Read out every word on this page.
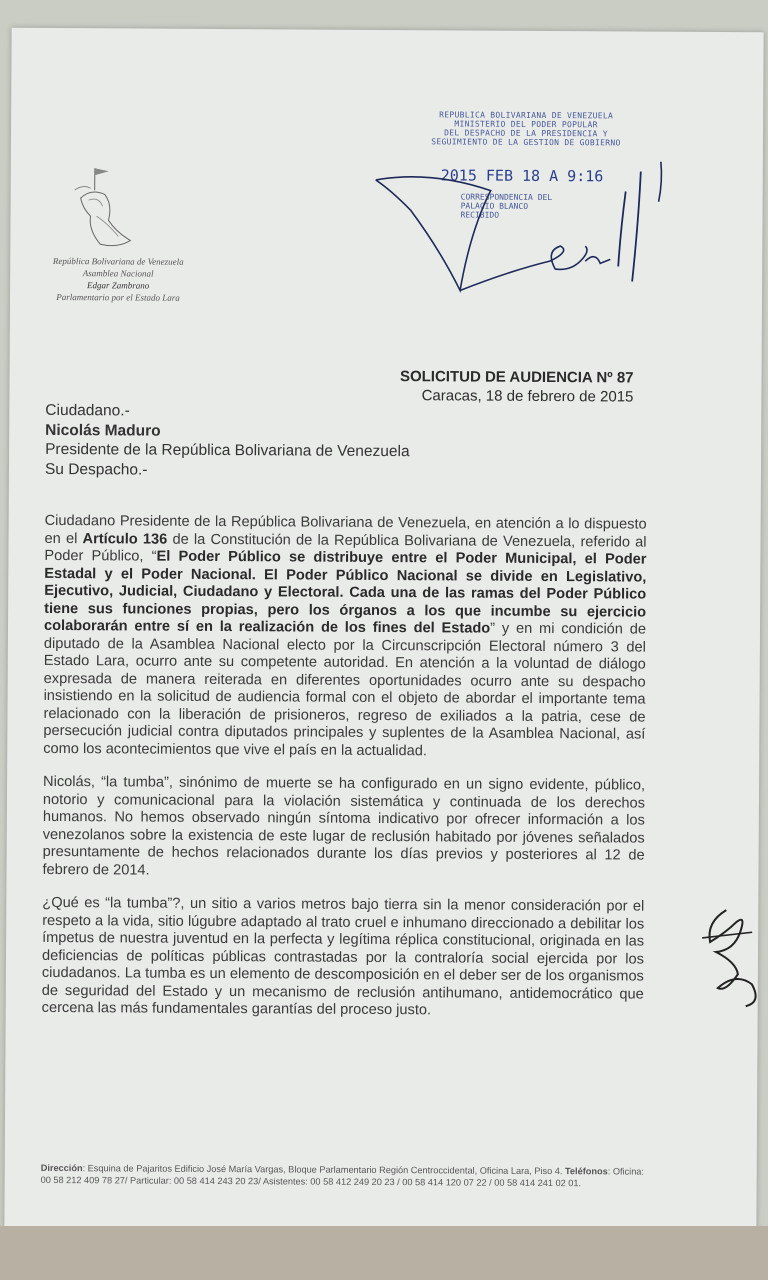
República Bolivariana de Venezuela
Asamblea Nacional
Edgar Zambrano
Parlamentario por el Estado Lara
REPUBLICA BOLIVARIANA DE VENEZUELA
MINISTERIO DEL PODER POPULAR
DEL DESPACHO DE LA PRESIDENCIA Y
SEGUIMIENTO DE LA GESTION DE GOBIERNO
2015 FEB 18 A 9:16
CORRESPONDENCIA DEL
PALACIO BLANCO
RECIBIDO
SOLICITUD DE AUDIENCIA Nº 87
Caracas, 18 de febrero de 2015
Ciudadano.-
Nicolás Maduro
Presidente de la República Bolivariana de Venezuela
Su Despacho.-

Ciudadano Presidente de la República Bolivariana de Venezuela, en atención a lo dispuesto en el Artículo 136 de la Constitución de la República Bolivariana de Venezuela, referido al Poder Público, “El Poder Público se distribuye entre el Poder Municipal, el Poder Estadal y el Poder Nacional. El Poder Público Nacional se divide en Legislativo, Ejecutivo, Judicial, Ciudadano y Electoral. Cada una de las ramas del Poder Público tiene sus funciones propias, pero los órganos a los que incumbe su ejercicio colaborarán entre sí en la realización de los fines del Estado” y en mi condición de diputado de la Asamblea Nacional electo por la Circunscripción Electoral número 3 del Estado Lara, ocurro ante su competente autoridad. En atención a la voluntad de diálogo expresada de manera reiterada en diferentes oportunidades ocurro ante su despacho insistiendo en la solicitud de audiencia formal con el objeto de abordar el importante tema relacionado con la liberación de prisioneros, regreso de exiliados a la patria, cese de persecución judicial contra diputados principales y suplentes de la Asamblea Nacional, así como los acontecimientos que vive el país en la actualidad.

Nicolás, “la tumba”, sinónimo de muerte se ha configurado en un signo evidente, público, notorio y comunicacional para la violación sistemática y continuada de los derechos humanos. No hemos observado ningún síntoma indicativo por ofrecer información a los venezolanos sobre la existencia de este lugar de reclusión habitado por jóvenes señalados presuntamente de hechos relacionados durante los días previos y posteriores al 12 de febrero de 2014.

¿Qué es “la tumba”?, un sitio a varios metros bajo tierra sin la menor consideración por el respeto a la vida, sitio lúgubre adaptado al trato cruel e inhumano direccionado a debilitar los ímpetus de nuestra juventud en la perfecta y legítima réplica constitucional, originada en las deficiencias de políticas públicas contrastadas por la contraloría social ejercida por los ciudadanos. La tumba es un elemento de descomposición en el deber ser de los organismos de seguridad del Estado y un mecanismo de reclusión antihumano, antidemocrático que cercena las más fundamentales garantías del proceso justo.

Dirección: Esquina de Pajaritos Edificio José María Vargas, Bloque Parlamentario Región Centroccidental, Oficina Lara, Piso 4. Teléfonos: Oficina: 00 58 212 409 78 27/ Particular: 00 58 414 243 20 23/ Asistentes: 00 58 412 249 20 23 / 00 58 414 120 07 22 / 00 58 414 241 02 01.
